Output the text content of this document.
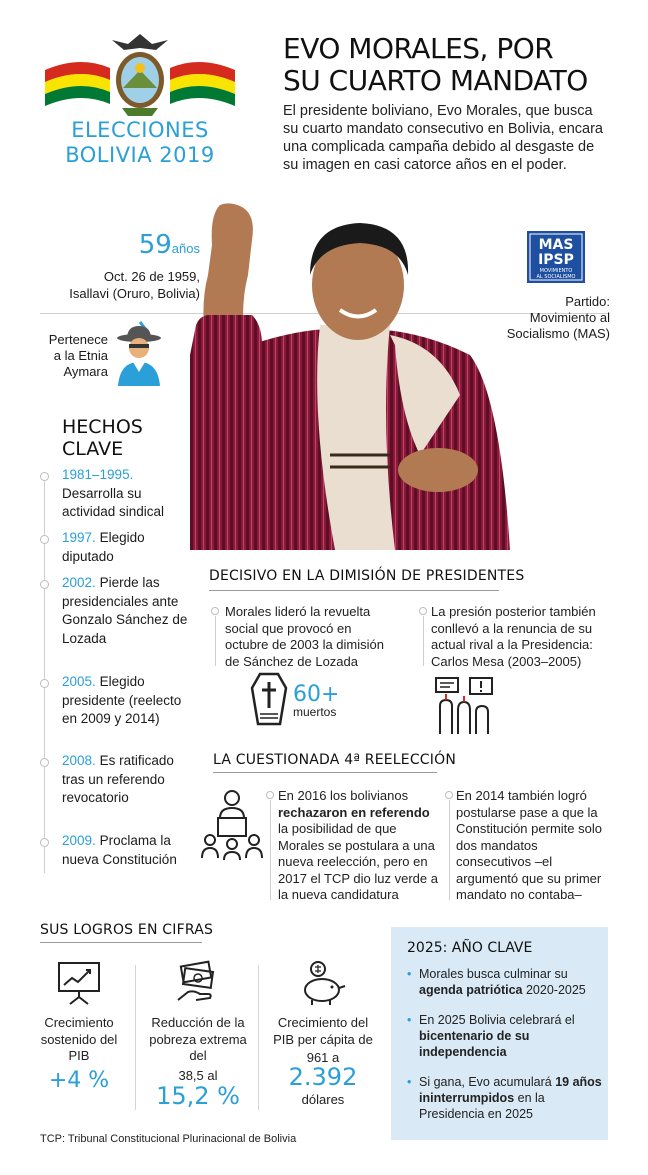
ELECCIONES
BOLIVIA 2019
EVO MORALES, POR
SU CUARTO MANDATO

El presidente boliviano, Evo Morales, que busca su cuarto mandato consecutivo en Bolivia, encara una complicada campaña debido al desgaste de su imagen en casi catorce años en el poder.

59años
Oct. 26 de 1959,
Isallavi (Oruro, Bolivia)
Pertenece
a la Etnia
Aymara
MAS
IPSP
MOVIMIENTO
AL SOCIALISMO
Partido:
Movimiento al
Socialismo (MAS)
HECHOS
CLAVE
1981–1995.
Desarrolla su actividad sindical
1997. Elegido diputado
2002. Pierde las presidenciales ante Gonzalo Sánchez de Lozada
2005. Elegido presidente (reelecto en 2009 y 2014)
2008. Es ratificado tras un referendo revocatorio
2009. Proclama la nueva Constitución
DECISIVO EN LA DIMISIÓN DE PRESIDENTES

Morales lideró la revuelta social que provocó en octubre de 2003 la dimisión de Sánchez de Lozada

60+
muertos

La presión posterior también conllevó a la renuncia de su actual rival a la Presidencia: Carlos Mesa (2003–2005)

LA CUESTIONADA 4ª REELECCIÓN

En 2016 los bolivianos rechazaron en referendo la posibilidad de que Morales se postulara a una nueva reelección, pero en 2017 el TCP dio luz verde a la nueva candidatura

En 2014 también logró postularse pase a que la Constitución permite solo dos mandatos consecutivos –el argumentó que su primer mandato no contaba–

SUS LOGROS EN CIFRAS
Crecimiento sostenido del PIB
+4 %
Reducción de la pobreza extrema del
38,5 al
15,2 %
Crecimiento del PIB per cápita de
961 a
2.392
dólares
2025: AÑO CLAVE
• Morales busca culminar su agenda patriótica 2020-2025
• En 2025 Bolivia celebrará el bicentenario de su independencia
• Si gana, Evo acumulará 19 años ininterrumpidos en la Presidencia en 2025
TCP: Tribunal Constitucional Plurinacional de Bolivia
